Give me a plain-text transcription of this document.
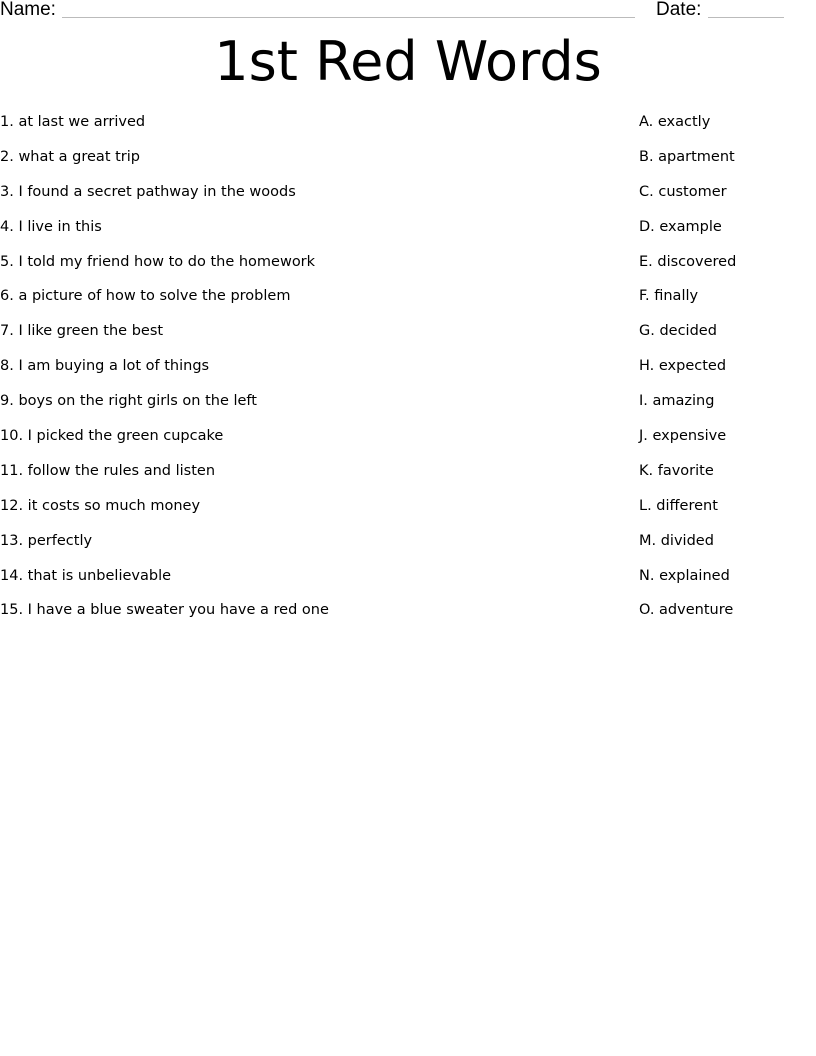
Name:	Date:
1st Red Words
1. at last we arrived
2. what a great trip
3. I found a secret pathway in the woods
4. I live in this
5. I told my friend how to do the homework
6. a picture of how to solve the problem
7. I like green the best
8. I am buying a lot of things
9. boys on the right girls on the left
10. I picked the green cupcake
11. follow the rules and listen
12. it costs so much money
13. perfectly
14. that is unbelievable
15. I have a blue sweater you have a red one
A. exactly
B. apartment
C. customer
D. example
E. discovered
F. finally
G. decided
H. expected
I. amazing
J. expensive
K. favorite
L. different
M. divided
N. explained
O. adventure
